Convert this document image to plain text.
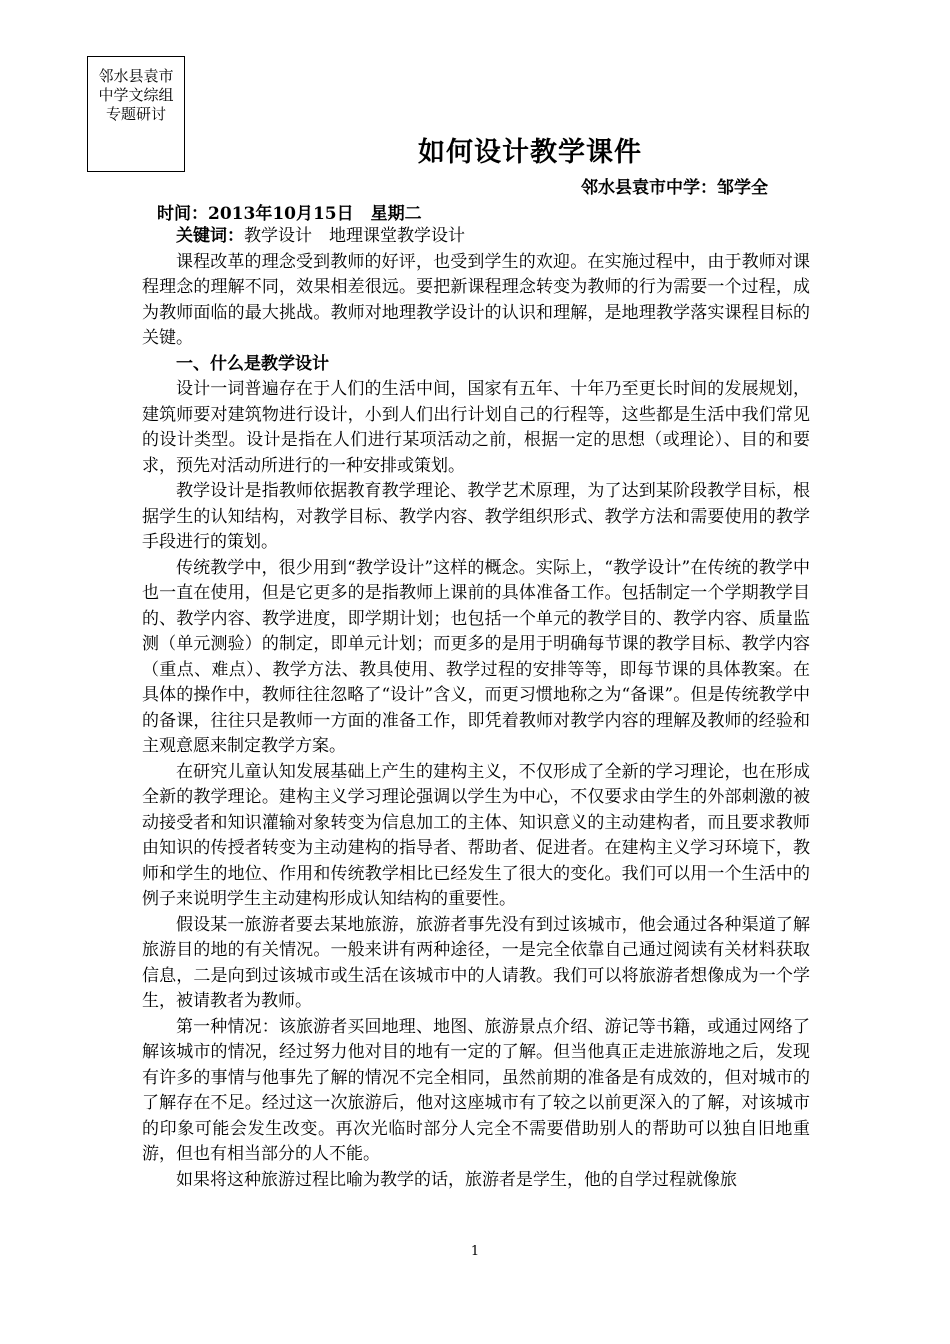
邻水县袁市中学文综组专题研讨
如何设计教学课件
邻水县袁市中学：邹学全
时间：2013年10月15日　星期二

关键词：教学设计　地理课堂教学设计

课程改革的理念受到教师的好评，也受到学生的欢迎。在实施过程中，由于教师对课程理念的理解不同，效果相差很远。要把新课程理念转变为教师的行为需要一个过程，成为教师面临的最大挑战。教师对地理教学设计的认识和理解，是地理教学落实课程目标的关键。

一、什么是教学设计

设计一词普遍存在于人们的生活中间，国家有五年、十年乃至更长时间的发展规划，建筑师要对建筑物进行设计，小到人们出行计划自己的行程等，这些都是生活中我们常见的设计类型。设计是指在人们进行某项活动之前，根据一定的思想（或理论）、目的和要求，预先对活动所进行的一种安排或策划。

教学设计是指教师依据教育教学理论、教学艺术原理，为了达到某阶段教学目标，根据学生的认知结构，对教学目标、教学内容、教学组织形式、教学方法和需要使用的教学手段进行的策划。

传统教学中，很少用到“教学设计”这样的概念。实际上，“教学设计”在传统的教学中也一直在使用，但是它更多的是指教师上课前的具体准备工作。包括制定一个学期教学目的、教学内容、教学进度，即学期计划；也包括一个单元的教学目的、教学内容、质量监测（单元测验）的制定，即单元计划；而更多的是用于明确每节课的教学目标、教学内容（重点、难点）、教学方法、教具使用、教学过程的安排等等，即每节课的具体教案。在具体的操作中，教师往往忽略了“设计”含义，而更习惯地称之为“备课”。但是传统教学中的备课，往往只是教师一方面的准备工作，即凭着教师对教学内容的理解及教师的经验和主观意愿来制定教学方案。

在研究儿童认知发展基础上产生的建构主义，不仅形成了全新的学习理论，也在形成全新的教学理论。建构主义学习理论强调以学生为中心，不仅要求由学生的外部刺激的被动接受者和知识灌输对象转变为信息加工的主体、知识意义的主动建构者，而且要求教师由知识的传授者转变为主动建构的指导者、帮助者、促进者。在建构主义学习环境下，教师和学生的地位、作用和传统教学相比已经发生了很大的变化。我们可以用一个生活中的例子来说明学生主动建构形成认知结构的重要性。

假设某一旅游者要去某地旅游，旅游者事先没有到过该城市，他会通过各种渠道了解旅游目的地的有关情况。一般来讲有两种途径，一是完全依靠自己通过阅读有关材料获取信息，二是向到过该城市或生活在该城市中的人请教。我们可以将旅游者想像成为一个学生，被请教者为教师。

第一种情况：该旅游者买回地理、地图、旅游景点介绍、游记等书籍，或通过网络了解该城市的情况，经过努力他对目的地有一定的了解。但当他真正走进旅游地之后，发现有许多的事情与他事先了解的情况不完全相同，虽然前期的准备是有成效的，但对城市的了解存在不足。经过这一次旅游后，他对这座城市有了较之以前更深入的了解，对该城市的印象可能会发生改变。再次光临时部分人完全不需要借助别人的帮助可以独自旧地重游，但也有相当部分的人不能。

如果将这种旅游过程比喻为教学的话，旅游者是学生，他的自学过程就像旅

1
